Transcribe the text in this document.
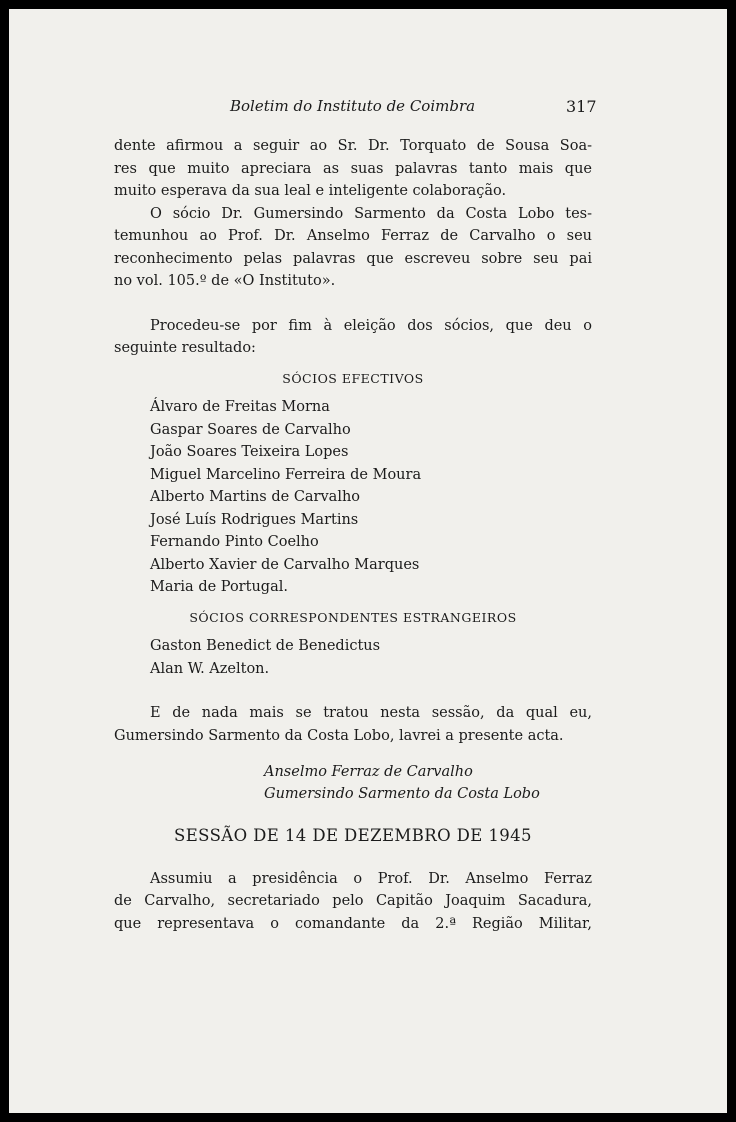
Boletim do Instituto de Coimbra	317
dente afirmou a seguir ao Sr. Dr. Torquato de Sousa Soa-
res que muito apreciara as suas palavras tanto mais que
muito esperava da sua leal e inteligente colaboração.
O sócio Dr. Gumersindo Sarmento da Costa Lobo tes-
temunhou ao Prof. Dr. Anselmo Ferraz de Carvalho o seu
reconhecimento pelas palavras que escreveu sobre seu pai
no vol. 105.º de «O Instituto».
Procedeu-se por fim à eleição dos sócios, que deu o
seguinte resultado:
SÓCIOS EFECTIVOS
Álvaro de Freitas Morna
Gaspar Soares de Carvalho
João Soares Teixeira Lopes
Miguel Marcelino Ferreira de Moura
Alberto Martins de Carvalho
José Luís Rodrigues Martins
Fernando Pinto Coelho
Alberto Xavier de Carvalho Marques
Maria de Portugal.
SÓCIOS CORRESPONDENTES ESTRANGEIROS
Gaston Benedict de Benedictus
Alan W. Azelton.
E de nada mais se tratou nesta sessão, da qual eu,
Gumersindo Sarmento da Costa Lobo, lavrei a presente acta.
Anselmo Ferraz de Carvalho
Gumersindo Sarmento da Costa Lobo
SESSÃO DE 14 DE DEZEMBRO DE 1945
Assumiu a presidência o Prof. Dr. Anselmo Ferraz
de Carvalho, secretariado pelo Capitão Joaquim Sacadura,
que representava o comandante da 2.ª Região Militar,
